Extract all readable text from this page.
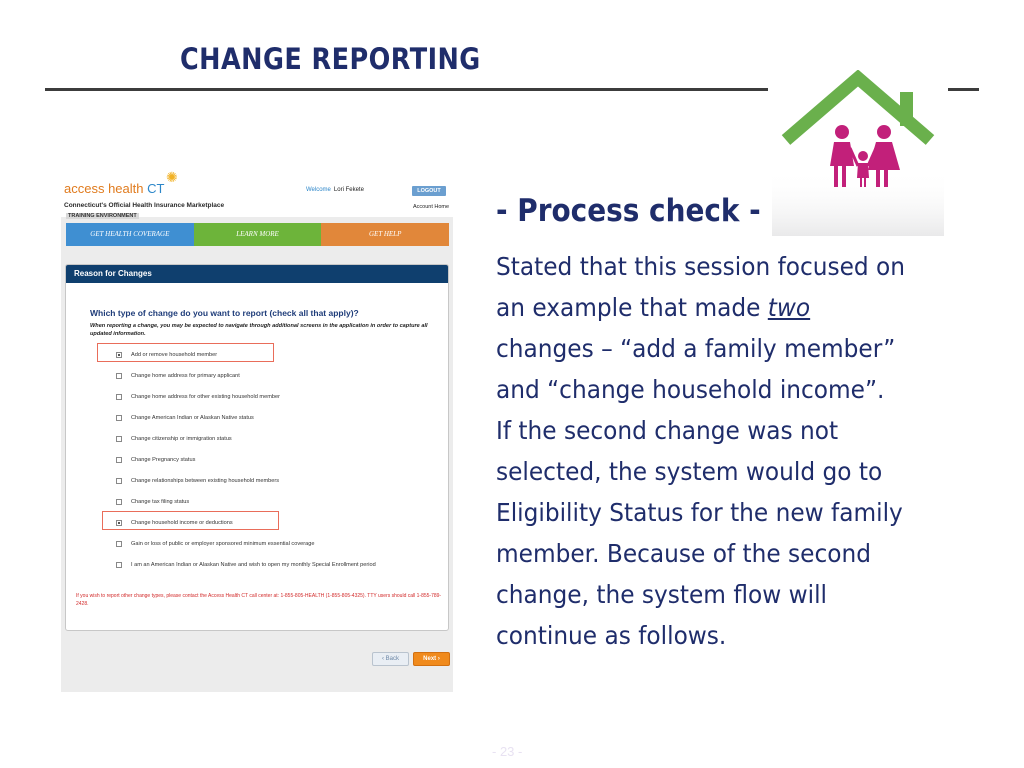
CHANGE REPORTING
access health CT
✺
Connecticut's Official Health Insurance Marketplace
TRAINING ENVIRONMENT
Welcome Lori Fekete	LOGOUT
Account Home
GET HEALTH COVERAGE	LEARN MORE	GET HELP
Reason for Changes
Which type of change do you want to report (check all that apply)?
When reporting a change, you may be expected to navigate through additional screens in the application in order to capture all updated information.
Add or remove household member
Change home address for primary applicant
Change home address for other existing household member
Change American Indian or Alaskan Native status
Change citizenship or immigration status
Change Pregnancy status
Change relationships between existing household members
Change tax filing status
Change household income or deductions
Gain or loss of public or employer sponsored minimum essential coverage
I am an American Indian or Alaskan Native and wish to open my monthly Special Enrollment period
If you wish to report other change types, please contact the Access Health CT call center at: 1-855-805-HEALTH (1-855-805-4325). TTY users should call 1-855-789-2428.
‹ Back	Next ›
- Process check -
Stated that this session focused on
an example that made two
changes – “add a family member”
and “change household income”.
If the second change was not
selected, the system would go to
Eligibility Status for the new family
member. Because of the second
change, the system flow will
continue as follows.
- 23 -
